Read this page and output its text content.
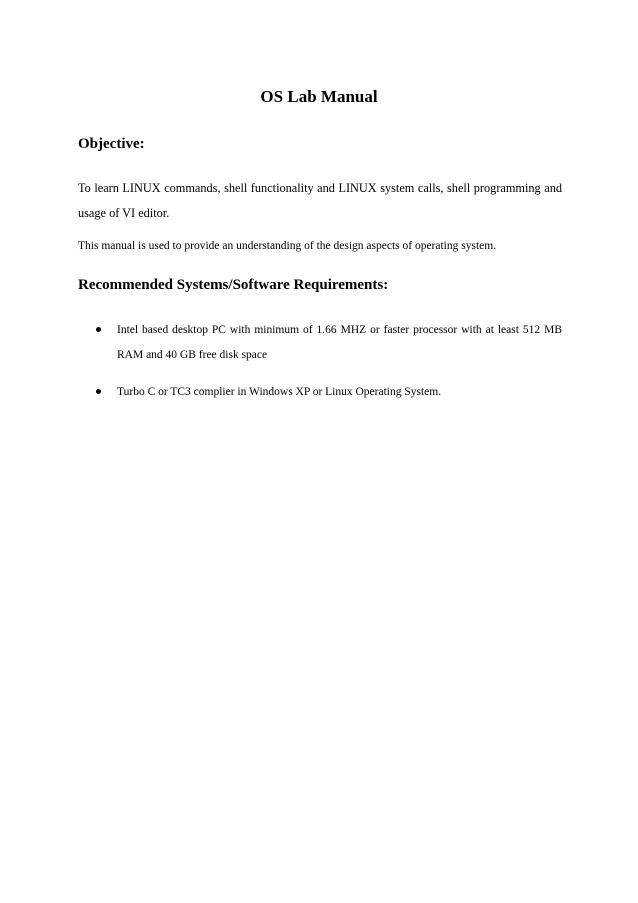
OS Lab Manual
Objective:

To learn LINUX commands, shell functionality and LINUX system calls, shell programming and usage of VI editor.

This manual is used to provide an understanding of the design aspects of operating system.

Recommended Systems/Software Requirements:

Intel based desktop PC with minimum of 1.66 MHZ or faster processor with at least 512 MB RAM and 40 GB free disk space

Turbo C or TC3 complier in Windows XP or Linux Operating System.
